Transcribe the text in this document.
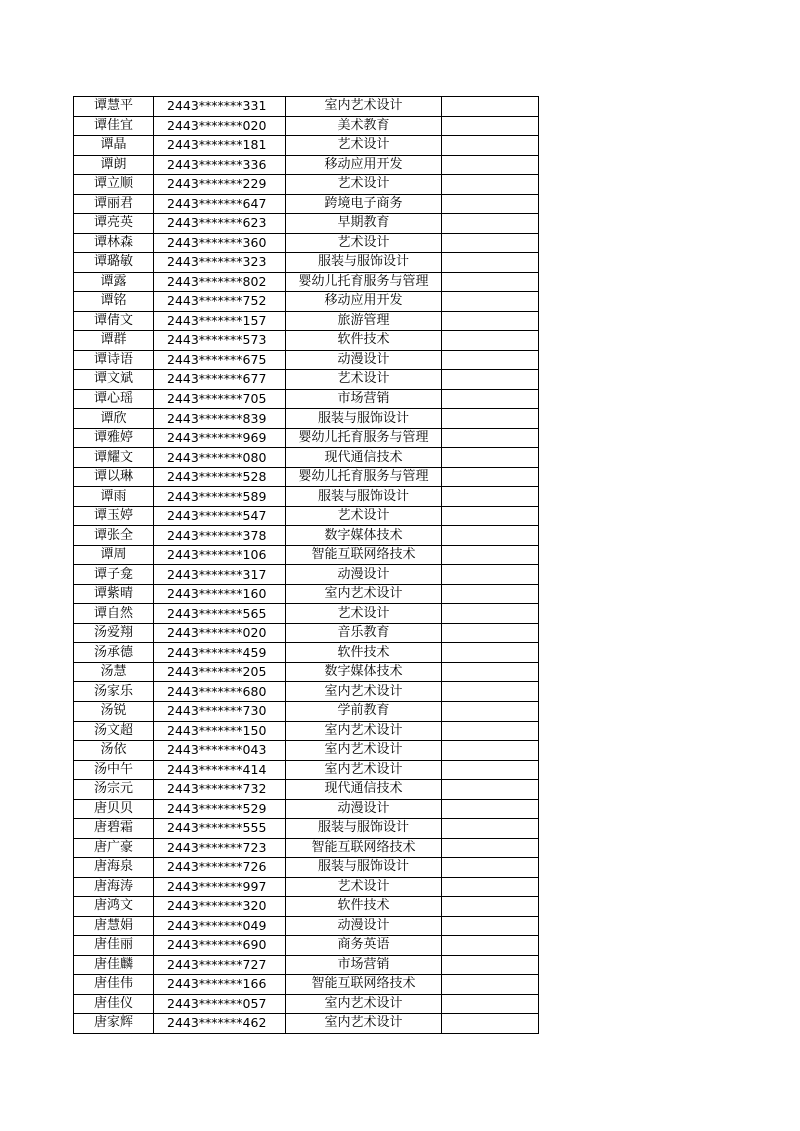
谭慧平	2443*******331	室内艺术设计	
谭佳宜	2443*******020	美术教育	
谭晶	2443*******181	艺术设计	
谭朗	2443*******336	移动应用开发	
谭立顺	2443*******229	艺术设计	
谭丽君	2443*******647	跨境电子商务	
谭亮英	2443*******623	早期教育	
谭林森	2443*******360	艺术设计	
谭璐敏	2443*******323	服装与服饰设计	
谭露	2443*******802	婴幼儿托育服务与管理	
谭铭	2443*******752	移动应用开发	
谭倩文	2443*******157	旅游管理	
谭群	2443*******573	软件技术	
谭诗语	2443*******675	动漫设计	
谭文斌	2443*******677	艺术设计	
谭心瑶	2443*******705	市场营销	
谭欣	2443*******839	服装与服饰设计	
谭雅婷	2443*******969	婴幼儿托育服务与管理	
谭耀文	2443*******080	现代通信技术	
谭以琳	2443*******528	婴幼儿托育服务与管理	
谭雨	2443*******589	服装与服饰设计	
谭玉婷	2443*******547	艺术设计	
谭张全	2443*******378	数字媒体技术	
谭周	2443*******106	智能互联网络技术	
谭子龛	2443*******317	动漫设计	
谭紫晴	2443*******160	室内艺术设计	
谭自然	2443*******565	艺术设计	
汤爱翔	2443*******020	音乐教育	
汤承德	2443*******459	软件技术	
汤慧	2443*******205	数字媒体技术	
汤家乐	2443*******680	室内艺术设计	
汤锐	2443*******730	学前教育	
汤文超	2443*******150	室内艺术设计	
汤依	2443*******043	室内艺术设计	
汤中午	2443*******414	室内艺术设计	
汤宗元	2443*******732	现代通信技术	
唐贝贝	2443*******529	动漫设计	
唐碧霜	2443*******555	服装与服饰设计	
唐广豪	2443*******723	智能互联网络技术	
唐海泉	2443*******726	服装与服饰设计	
唐海涛	2443*******997	艺术设计	
唐鸿文	2443*******320	软件技术	
唐慧娟	2443*******049	动漫设计	
唐佳丽	2443*******690	商务英语	
唐佳麟	2443*******727	市场营销	
唐佳伟	2443*******166	智能互联网络技术	
唐佳仪	2443*******057	室内艺术设计	
唐家辉	2443*******462	室内艺术设计	
